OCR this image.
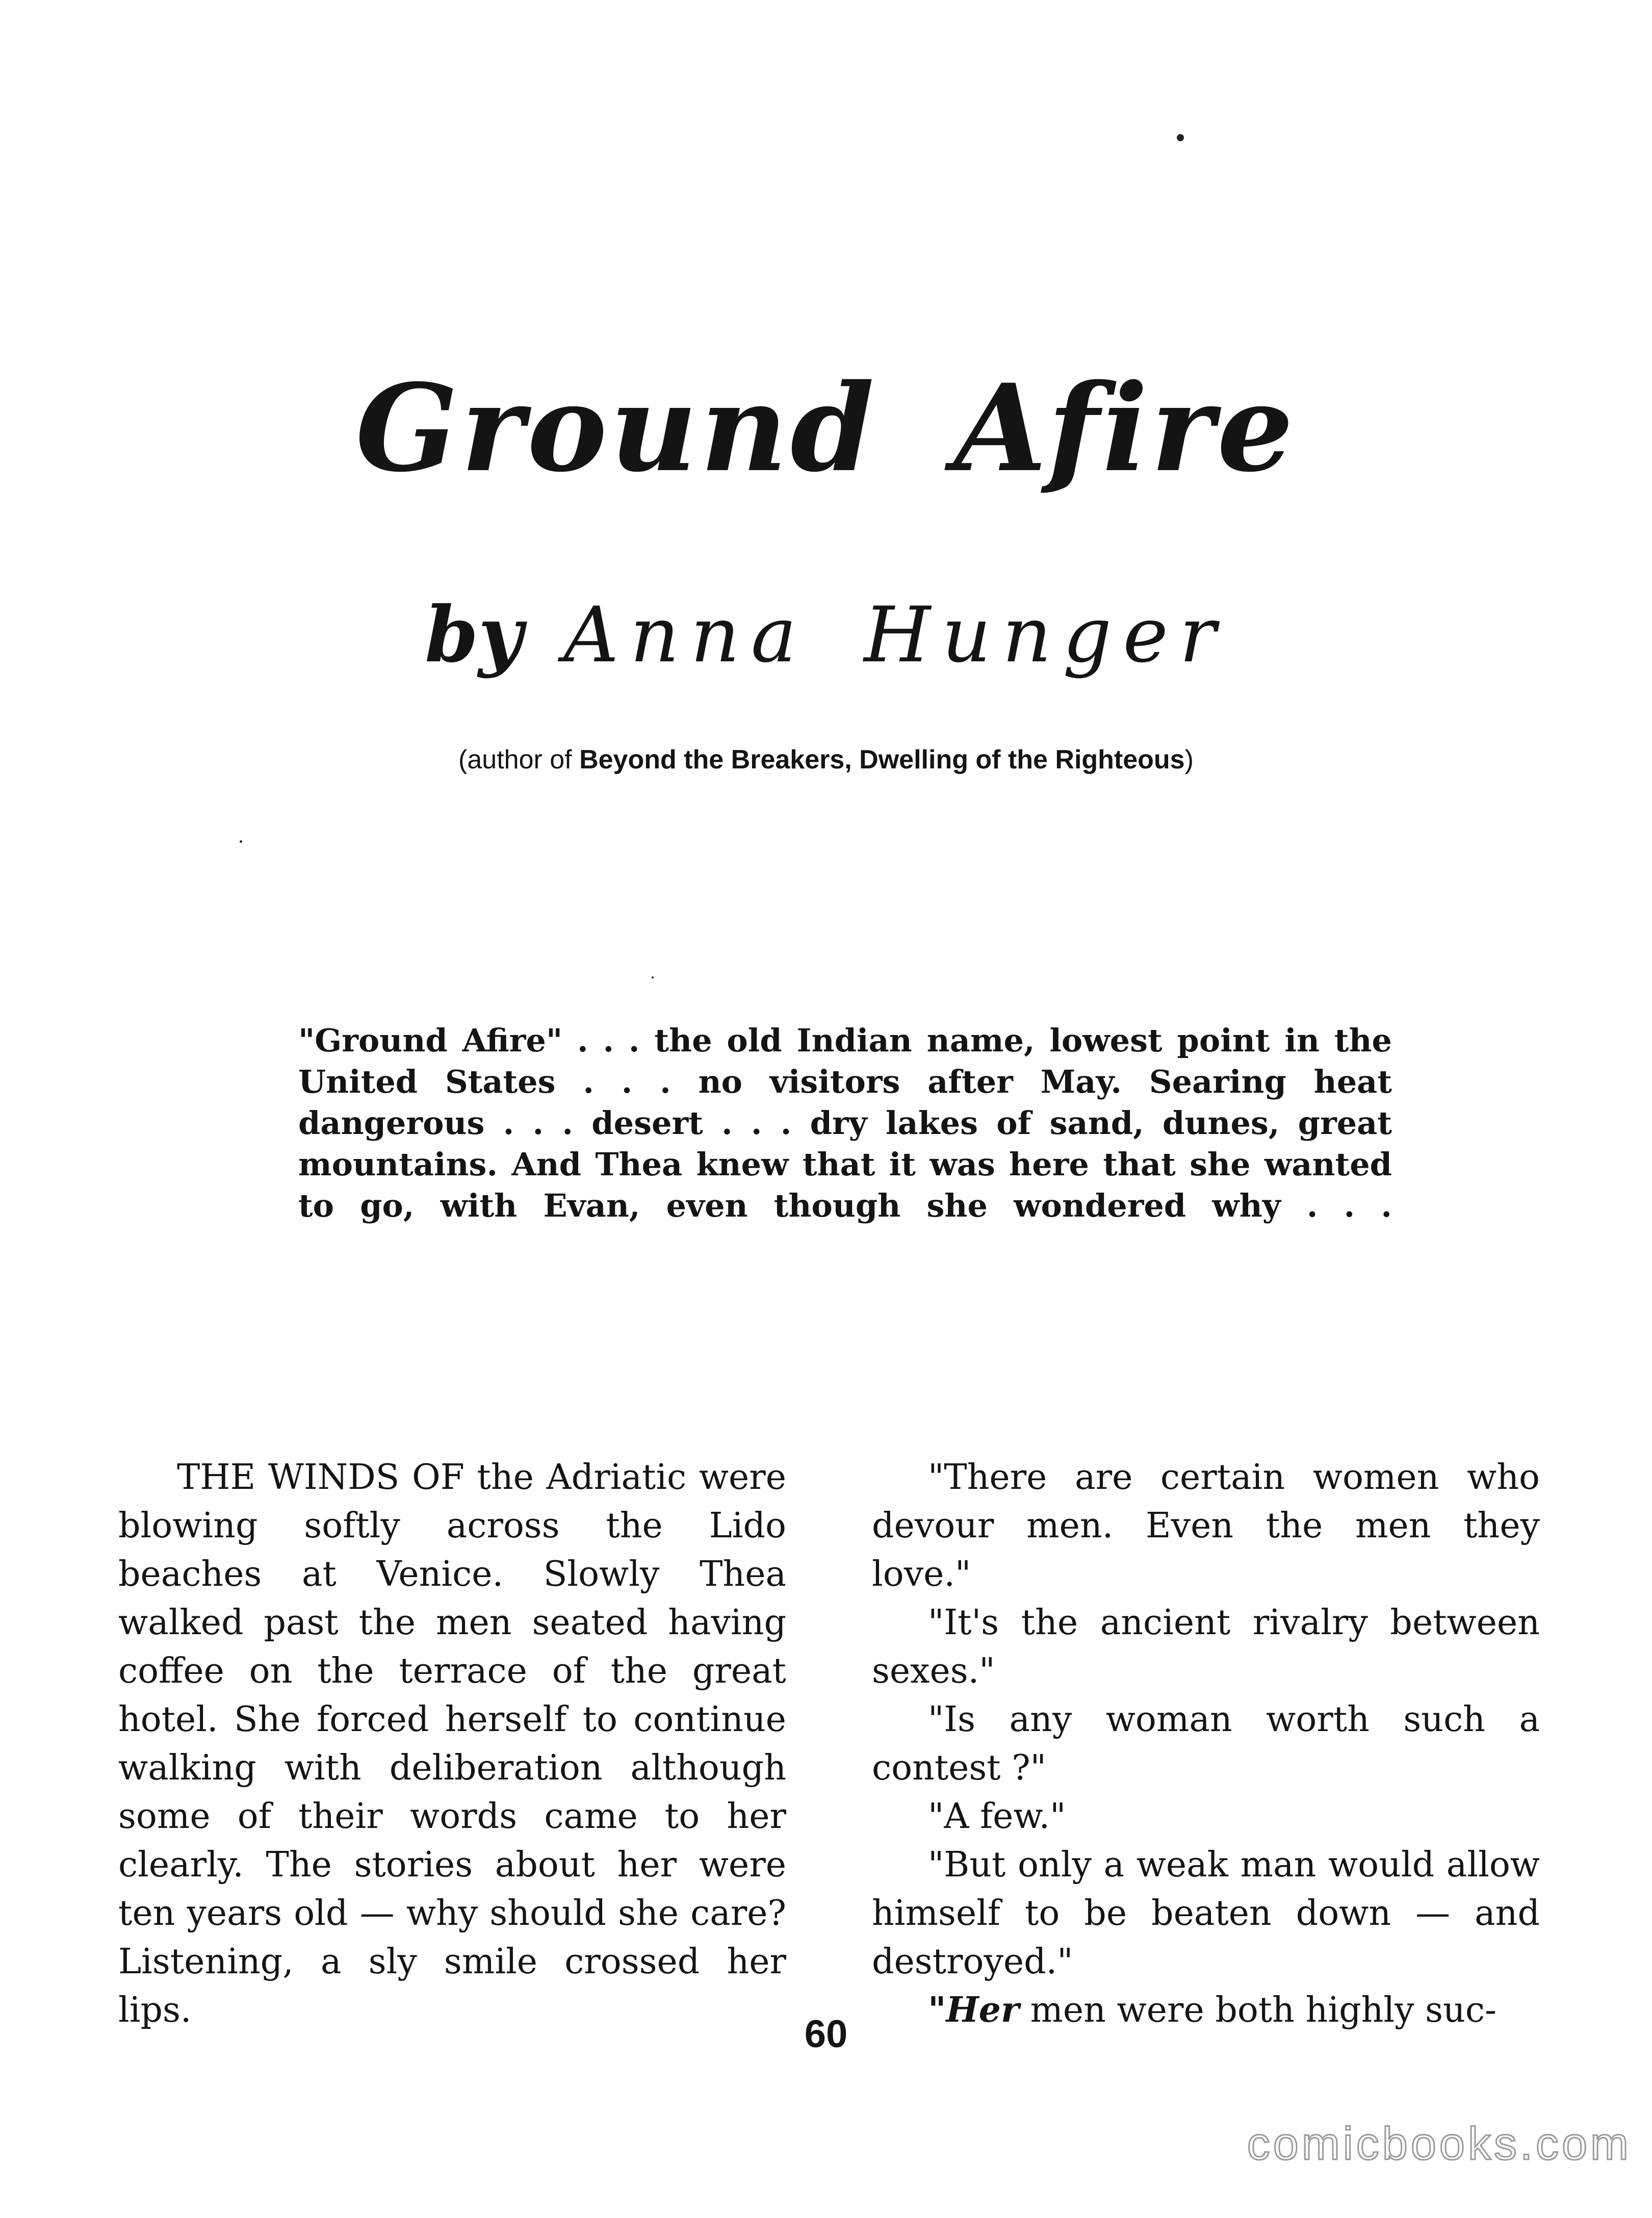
Ground Afire
by Anna Hunger
(author of Beyond the Breakers, Dwelling of the Righteous)
"Ground Afire" . . . the old Indian name, lowest point in the United States . . . no visitors after May. Searing heat dangerous . . . desert . . . dry lakes of sand, dunes, great mountains. And Thea knew that it was here that she wanted to go, with Evan, even though she wondered why . . .

THE WINDS OF the Adriatic were blowing softly across the Lido beaches at Venice. Slowly Thea walked past the men seated having coffee on the terrace of the great hotel. She forced herself to continue walking with deliberation although some of their words came to her clearly. The stories about her were ten years old — why should she care? Listening, a sly smile crossed her lips.

"There are certain women who devour men. Even the men they love."

"It's the ancient rivalry between sexes."

"Is any woman worth such a contest ?"

"A few."

"But only a weak man would allow himself to be beaten down — and destroyed."

"Her men were both highly suc-

60
comicbooks.com
